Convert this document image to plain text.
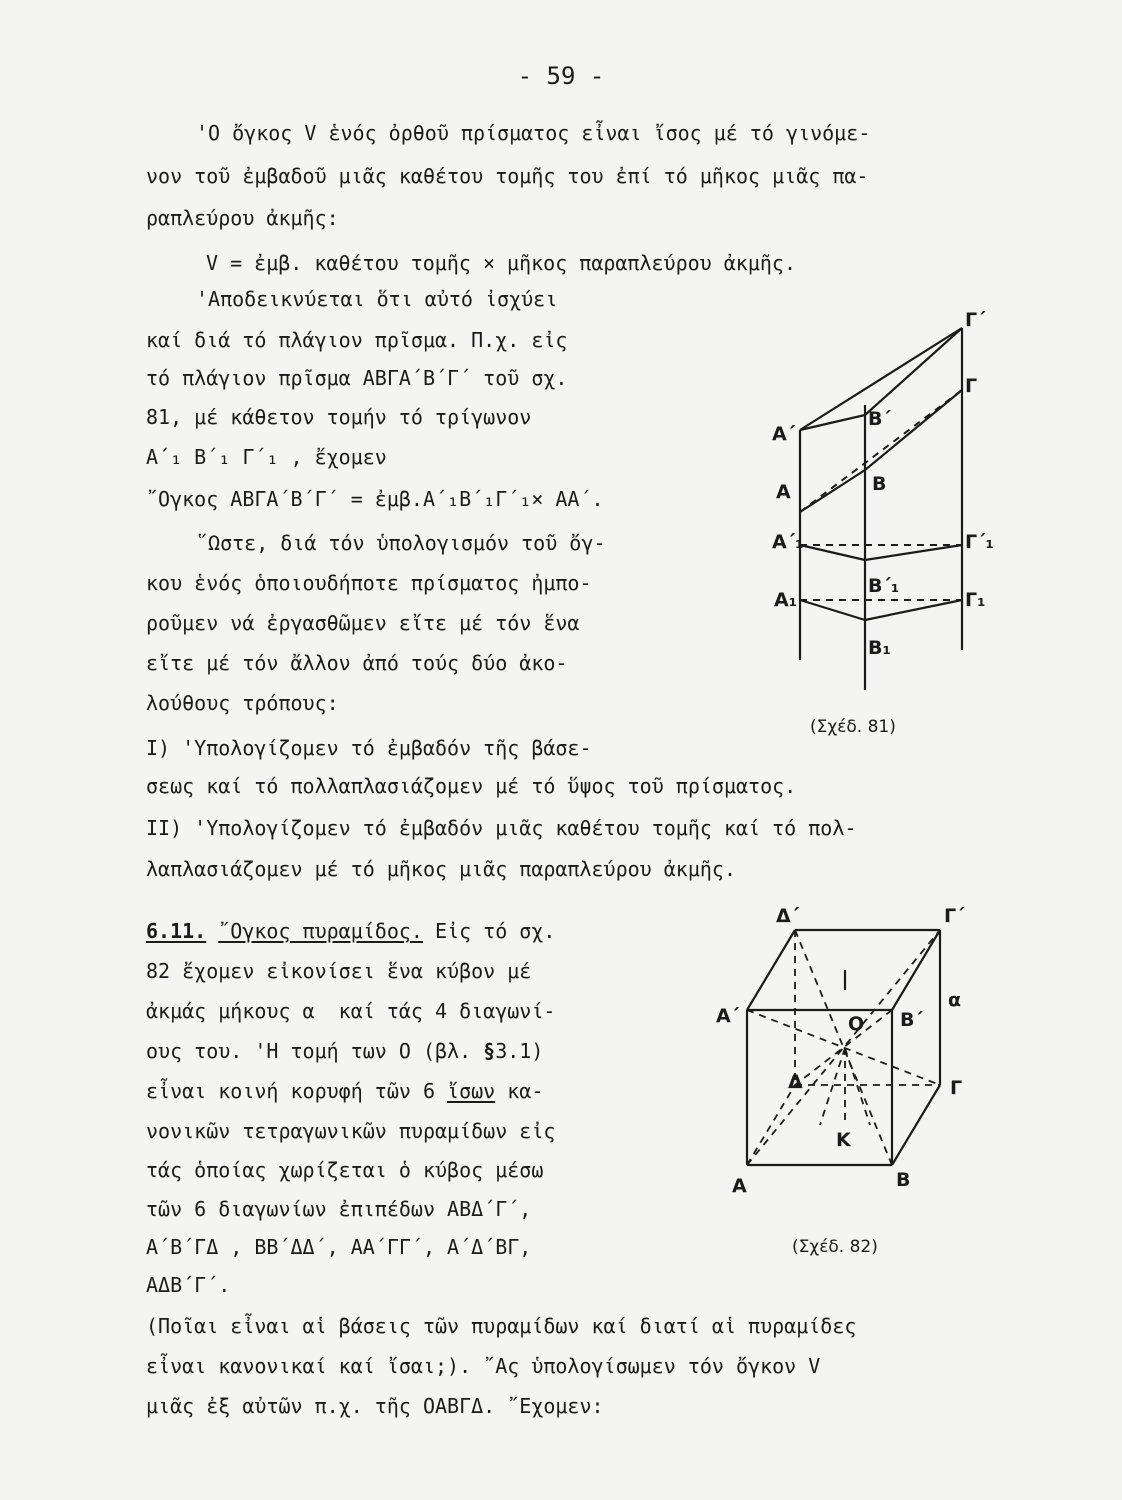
- 59 -
'Ο ὄγκος V ἑνός ὀρθοῦ πρίσματος εἶναι ἴσος μέ τό γινόμε-
νον τοῦ ἐμβαδοῦ μιᾶς καθέτου τομῆς του ἐπί τό μῆκος μιᾶς πα-
ραπλεύρου ἀκμῆς:
V = ἐμβ. καθέτου τομῆς × μῆκος παραπλεύρου ἀκμῆς.
'Αποδεικνύεται ὅτι αὐτό ἰσχύει
καί διά τό πλάγιον πρῖσμα. Π.χ. εἰς
τό πλάγιον πρῖσμα ΑΒΓΑ΄Β΄Γ΄ τοῦ σχ.
81, μέ κάθετον τομήν τό τρίγωνον
Α΄₁ Β΄₁ Γ΄₁ , ἔχομεν
῎Ογκος ΑΒΓΑ΄Β΄Γ΄ = ἐμβ.Α΄₁Β΄₁Γ΄₁× ΑΑ΄.
῞Ωστε, διά τόν ὑπολογισμόν τοῦ ὄγ-
κου ἑνός ὁποιουδήποτε πρίσματος ἠμπο-
ροῦμεν νά ἐργασθῶμεν εἴτε μέ τόν ἕνα
εἴτε μέ τόν ἄλλον ἀπό τούς δύο ἀκο-
λούθους τρόπους:
I) 'Υπολογίζομεν τό ἐμβαδόν τῆς βάσε-
σεως καί τό πολλαπλασιάζομεν μέ τό ὕψος τοῦ πρίσματος.
II) 'Υπολογίζομεν τό ἐμβαδόν μιᾶς καθέτου τομῆς καί τό πολ-
λαπλασιάζομεν μέ τό μῆκος μιᾶς παραπλεύρου ἀκμῆς.
6.11. ῎Ογκος πυραμίδος. Εἰς τό σχ.
82 ἔχομεν εἰκονίσει ἕνα κύβον μέ
ἀκμάς μήκους α  καί τάς 4 διαγωνί-
ους του. 'Η τομή των Ο (βλ. §3.1)
εἶναι κοινή κορυφή τῶν 6 ἴσων κα-
νονικῶν τετραγωνικῶν πυραμίδων εἰς
τάς ὁποίας χωρίζεται ὁ κύβος μέσω
τῶν 6 διαγωνίων ἐπιπέδων ΑΒΔ΄Γ΄,
Α΄Β΄ΓΔ , ΒΒ΄ΔΔ΄, ΑΑ΄ΓΓ΄, Α΄Δ΄ΒΓ,
ΑΔΒ΄Γ΄.
(Ποῖαι εἶναι αἱ βάσεις τῶν πυραμίδων καί διατί αἱ πυραμίδες
εἶναι κανονικαί καί ἴσαι;). ῎Ας ὑπολογίσωμεν τόν ὄγκον V
μιᾶς ἐξ αὐτῶν π.χ. τῆς ΟΑΒΓΔ. ῎Εχομεν:
Γ΄
Γ
Β΄
Α΄
Β
Α
Α΄₁	Γ΄₁
Β΄₁
Α₁	Γ₁
Β₁
(Σχέδ. 81)
Δ΄	Γ΄
Α΄	Ο Β΄
α
Δ	Γ
Κ
Α	Β
(Σχέδ. 82)
